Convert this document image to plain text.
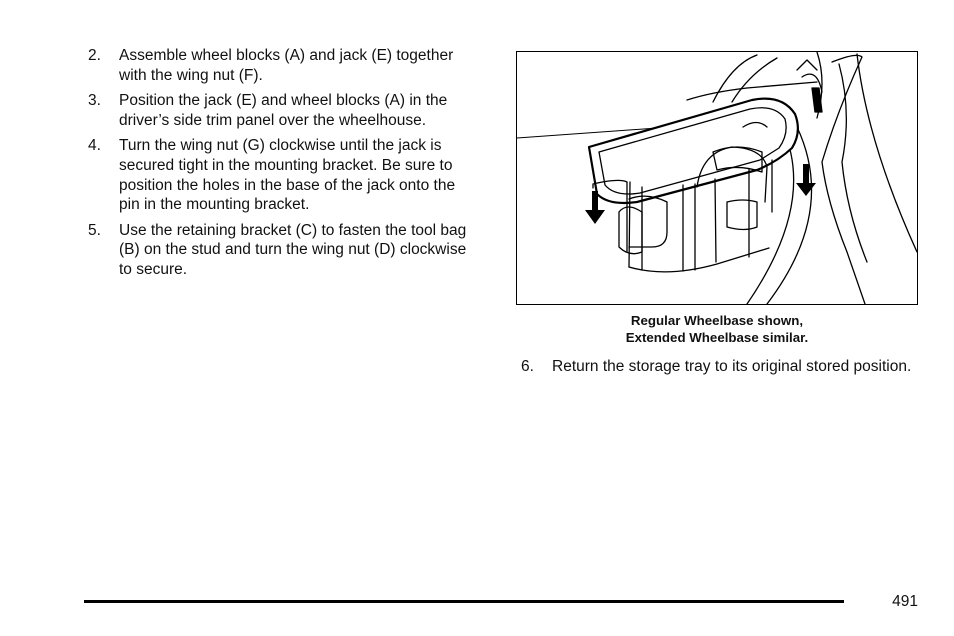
2. Assemble wheel blocks (A) and jack (E) together with the wing nut (F).
3. Position the jack (E) and wheel blocks (A) in the driver’s side trim panel over the wheelhouse.
4. Turn the wing nut (G) clockwise until the jack is secured tight in the mounting bracket. Be sure to position the holes in the base of the jack onto the pin in the mounting bracket.
5. Use the retaining bracket (C) to fasten the tool bag (B) on the stud and turn the wing nut (D) clockwise to secure.
Regular Wheelbase shown,
Extended Wheelbase similar.
6. Return the storage tray to its original stored position.
491
